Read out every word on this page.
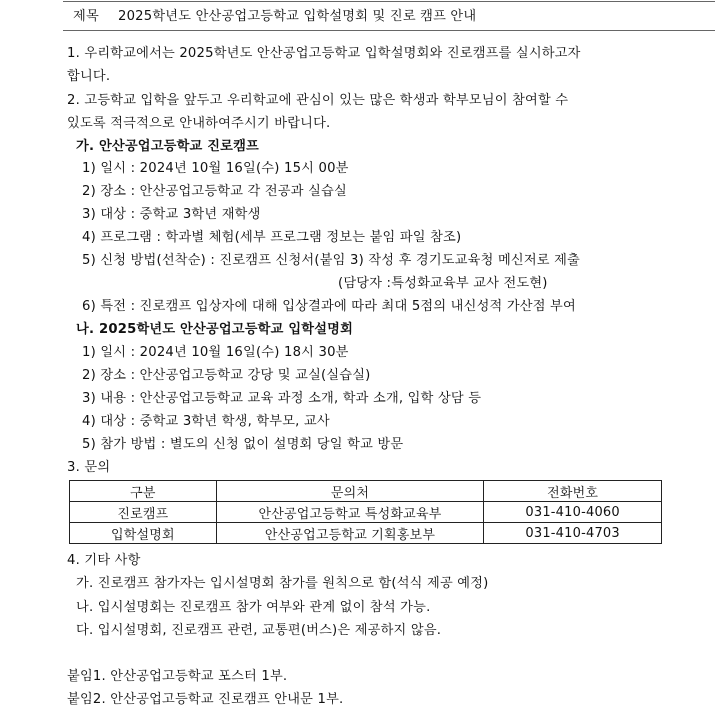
제목 2025학년도 안산공업고등학교 입학설명회 및 진로 캠프 안내
1. 우리학교에서는 2025학년도 안산공업고등학교 입학설명회와 진로캠프를 실시하고자
합니다.
2. 고등학교 입학을 앞두고 우리학교에 관심이 있는 많은 학생과 학부모님이 참여할 수
있도록 적극적으로 안내하여주시기 바랍니다.
가. 안산공업고등학교 진로캠프
1) 일시 : 2024년 10월 16일(수) 15시 00분
2) 장소 : 안산공업고등학교 각 전공과 실습실
3) 대상 : 중학교 3학년 재학생
4) 프로그램 : 학과별 체험(세부 프로그램 정보는 붙임 파일 참조)
5) 신청 방법(선착순) : 진로캠프 신청서(붙임 3) 작성 후 경기도교육청 메신저로 제출
(담당자 :특성화교육부 교사 전도현)
6) 특전 : 진로캠프 입상자에 대해 입상결과에 따라 최대 5점의 내신성적 가산점 부여
나. 2025학년도 안산공업고등학교 입학설명회
1) 일시 : 2024년 10월 16일(수) 18시 30분
2) 장소 : 안산공업고등학교 강당 및 교실(실습실)
3) 내용 : 안산공업고등학교 교육 과정 소개, 학과 소개, 입학 상담 등
4) 대상 : 중학교 3학년 학생, 학부모, 교사
5) 참가 방법 : 별도의 신청 없이 설명회 당일 학교 방문
3. 문의
구분	문의처	전화번호
진로캠프	안산공업고등학교 특성화교육부	031-410-4060
입학설명회	안산공업고등학교 기획홍보부	031-410-4703
4. 기타 사항
가. 진로캠프 참가자는 입시설명회 참가를 원칙으로 함(석식 제공 예정)
나. 입시설명회는 진로캠프 참가 여부와 관계 없이 참석 가능.
다. 입시설명회, 진로캠프 관련, 교통편(버스)은 제공하지 않음.
붙임1. 안산공업고등학교 포스터 1부.
붙임2. 안산공업고등학교 진로캠프 안내문 1부.
